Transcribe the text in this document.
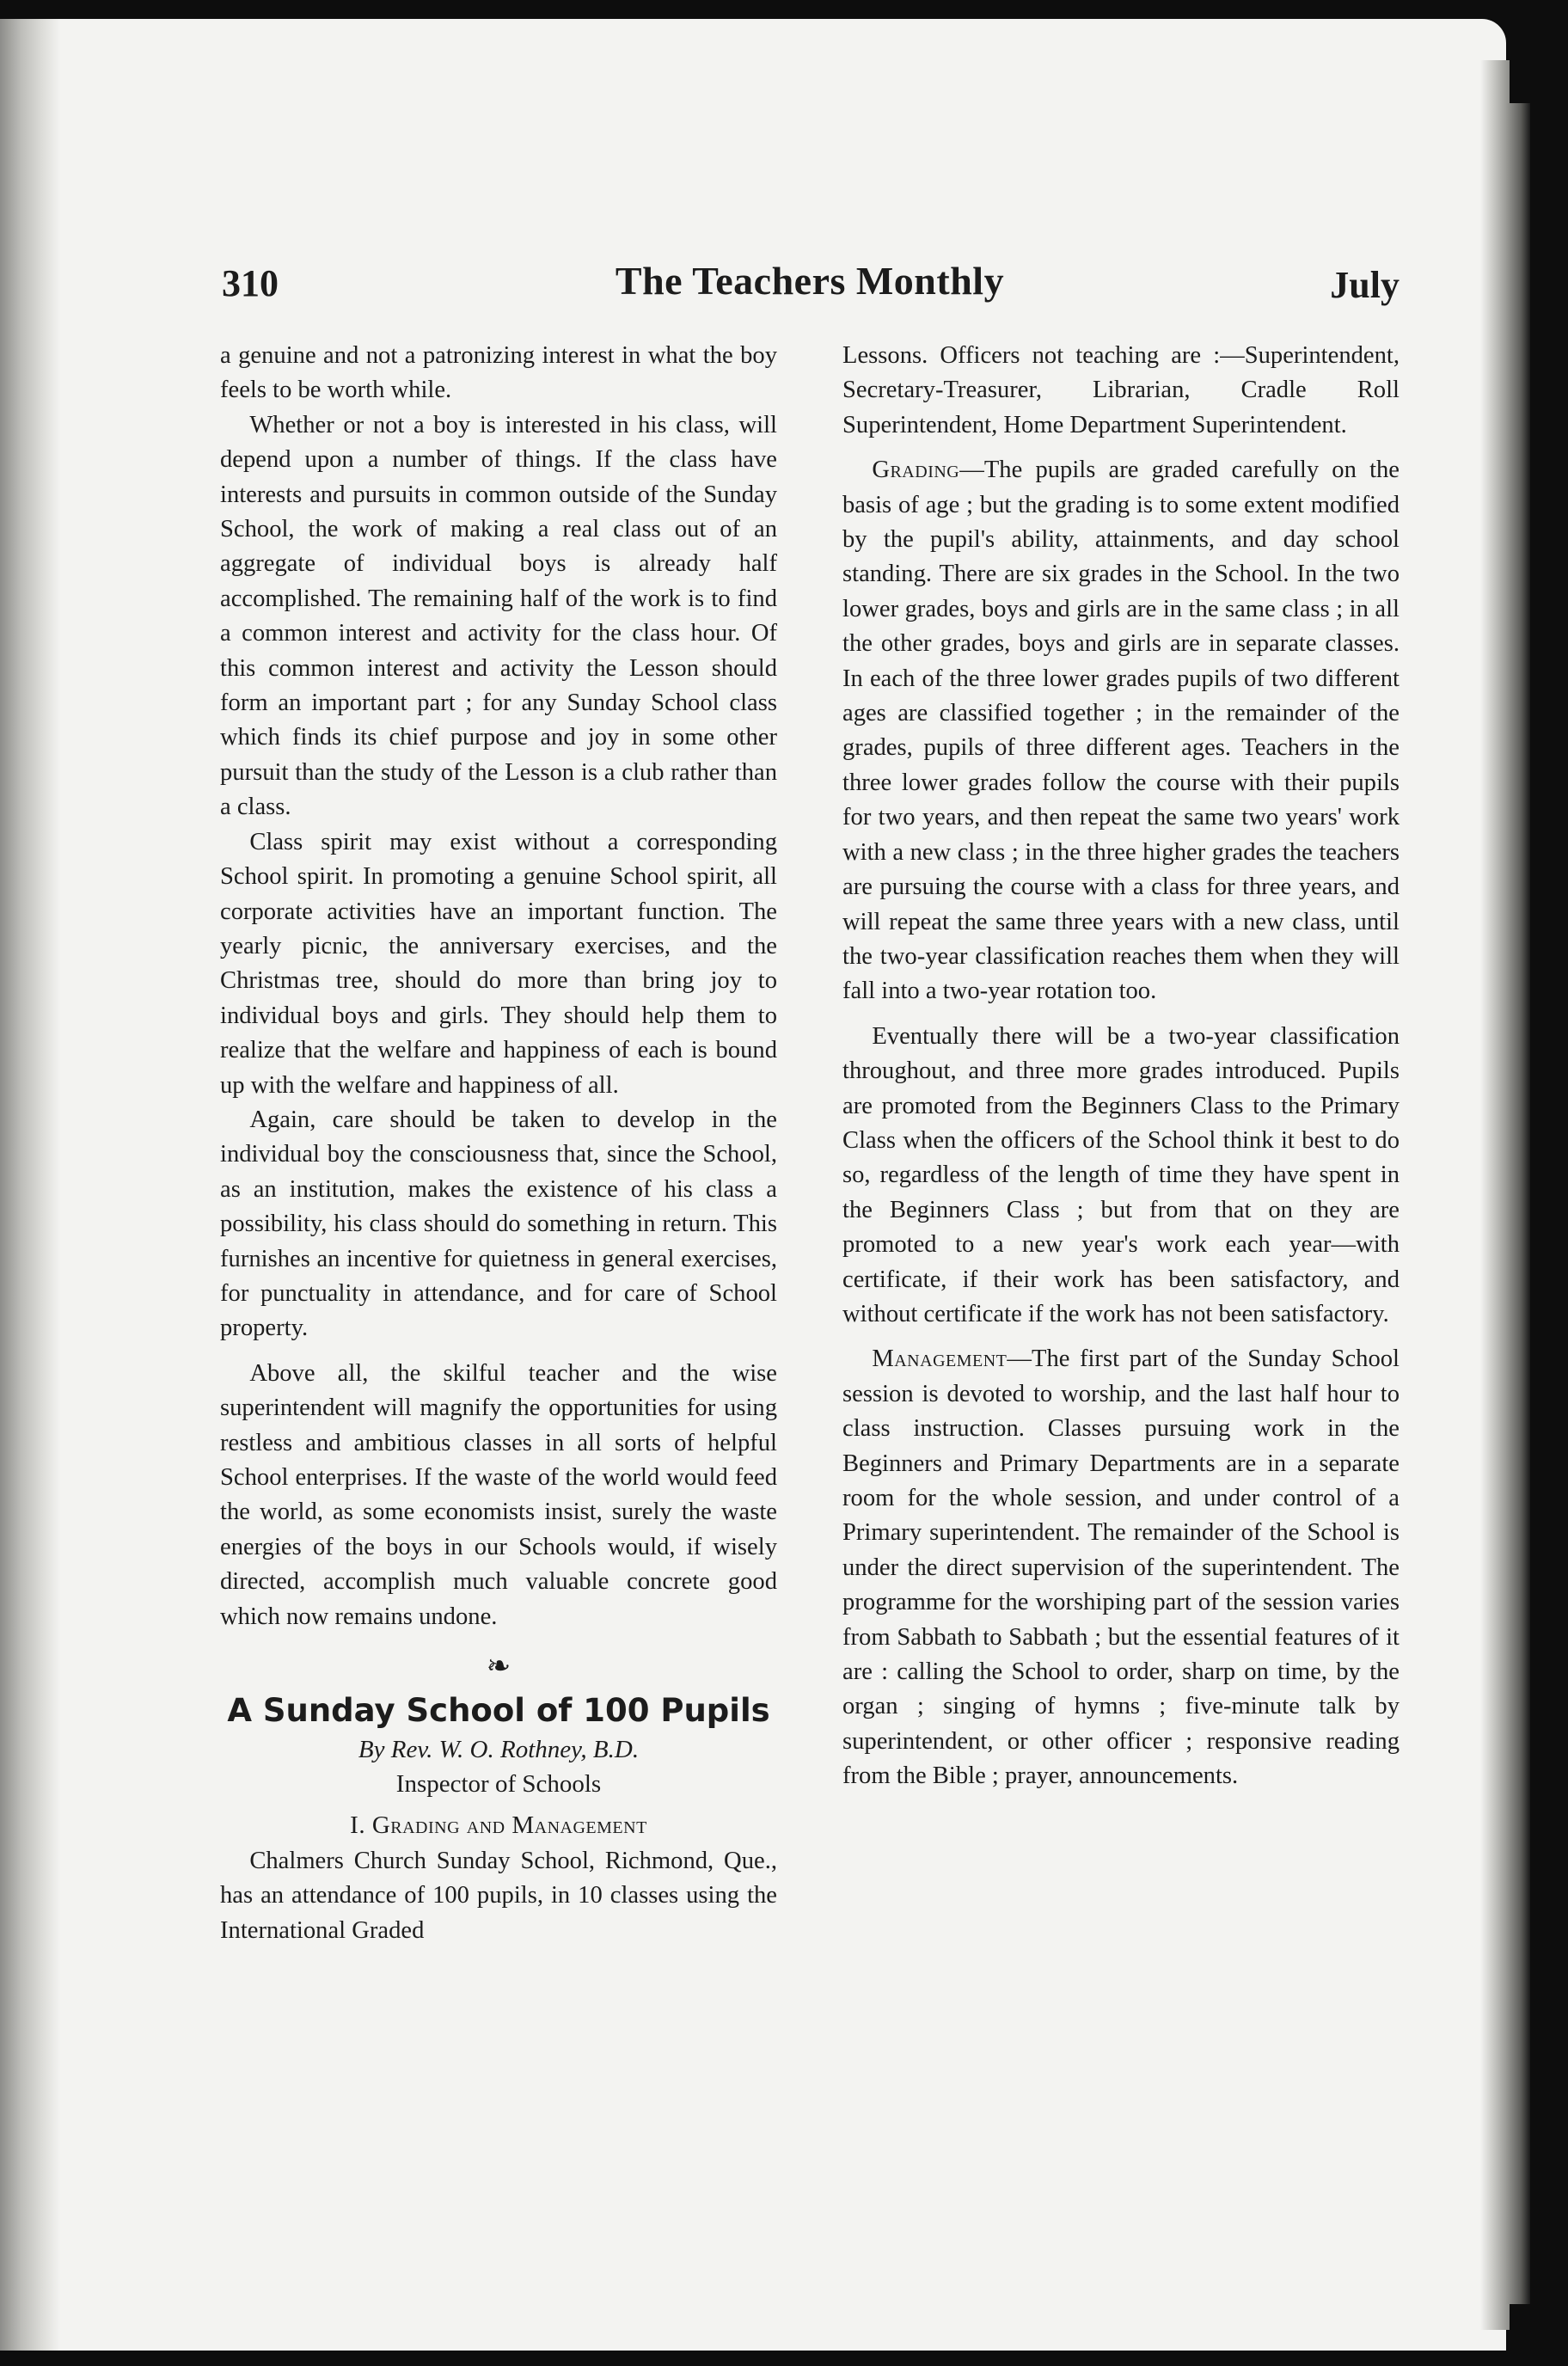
310	The Teachers Monthly	July

a genuine and not a patronizing interest in what the boy feels to be worth while.

Whether or not a boy is interested in his class, will depend upon a number of things. If the class have interests and pursuits in common outside of the Sunday School, the work of making a real class out of an aggregate of individual boys is already half accomplished. The remaining half of the work is to find a common interest and activity for the class hour. Of this common interest and activity the Lesson should form an important part ; for any Sunday School class which finds its chief purpose and joy in some other pursuit than the study of the Lesson is a club rather than a class.

Class spirit may exist without a corresponding School spirit. In promoting a genuine School spirit, all corporate activities have an important function. The yearly picnic, the anniversary exercises, and the Christmas tree, should do more than bring joy to individual boys and girls. They should help them to realize that the welfare and happiness of each is bound up with the welfare and happiness of all.

Again, care should be taken to develop in the individual boy the consciousness that, since the School, as an institution, makes the existence of his class a possibility, his class should do something in return. This furnishes an incentive for quietness in general exercises, for punctuality in attendance, and for care of School property.

Above all, the skilful teacher and the wise superintendent will magnify the opportunities for using restless and ambitious classes in all sorts of helpful School enterprises. If the waste of the world would feed the world, as some economists insist, surely the waste energies of the boys in our Schools would, if wisely directed, accomplish much valuable concrete good which now remains undone.

❧
A Sunday School of 100 Pupils
By Rev. W. O. Rothney, B.D.
Inspector of Schools
I. Grading and Management

Chalmers Church Sunday School, Richmond, Que., has an attendance of 100 pupils, in 10 classes using the International Graded

Lessons. Officers not teaching are :—Superintendent, Secretary-Treasurer, Librarian, Cradle Roll Superintendent, Home Department Superintendent.

Grading—The pupils are graded carefully on the basis of age ; but the grading is to some extent modified by the pupil's ability, attainments, and day school standing. There are six grades in the School. In the two lower grades, boys and girls are in the same class ; in all the other grades, boys and girls are in separate classes. In each of the three lower grades pupils of two different ages are classified together ; in the remainder of the grades, pupils of three different ages. Teachers in the three lower grades follow the course with their pupils for two years, and then repeat the same two years' work with a new class ; in the three higher grades the teachers are pursuing the course with a class for three years, and will repeat the same three years with a new class, until the two-year classification reaches them when they will fall into a two-year rotation too.

Eventually there will be a two-year classification throughout, and three more grades introduced. Pupils are promoted from the Beginners Class to the Primary Class when the officers of the School think it best to do so, regardless of the length of time they have spent in the Beginners Class ; but from that on they are promoted to a new year's work each year—with certificate, if their work has been satisfactory, and without certificate if the work has not been satisfactory.

Management—The first part of the Sunday School session is devoted to worship, and the last half hour to class instruction. Classes pursuing work in the Beginners and Primary Departments are in a separate room for the whole session, and under control of a Primary superintendent. The remainder of the School is under the direct supervision of the superintendent. The programme for the worshiping part of the session varies from Sabbath to Sabbath ; but the essential features of it are : calling the School to order, sharp on time, by the organ ; singing of hymns ; five-minute talk by superintendent, or other officer ; responsive reading from the Bible ; prayer, announcements.
